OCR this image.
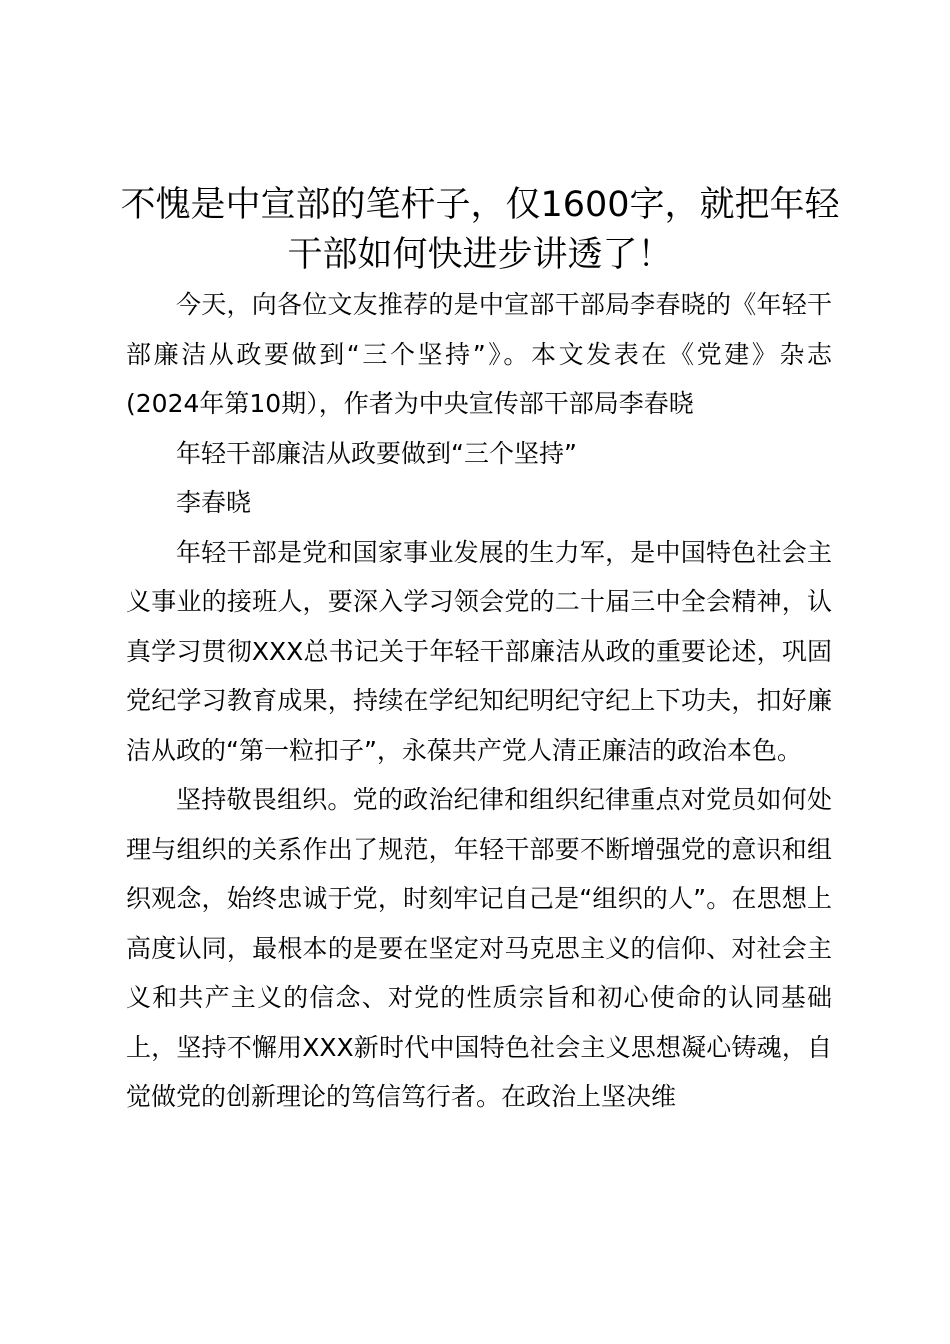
不愧是中宣部的笔杆子，仅1600字，就把年轻干部如何快进步讲透了！

今天，向各位文友推荐的是中宣部干部局李春晓的《年轻干部廉洁从政要做到“三个坚持”》。本文发表在《党建》杂志(2024年第10期），作者为中央宣传部干部局李春晓

年轻干部廉洁从政要做到“三个坚持”

李春晓

年轻干部是党和国家事业发展的生力军，是中国特色社会主义事业的接班人，要深入学习领会党的二十届三中全会精神，认真学习贯彻XXX总书记关于年轻干部廉洁从政的重要论述，巩固党纪学习教育成果，持续在学纪知纪明纪守纪上下功夫，扣好廉洁从政的“第一粒扣子”，永葆共产党人清正廉洁的政治本色。

坚持敬畏组织。党的政治纪律和组织纪律重点对党员如何处理与组织的关系作出了规范，年轻干部要不断增强党的意识和组织观念，始终忠诚于党，时刻牢记自己是“组织的人”。在思想上高度认同，最根本的是要在坚定对马克思主义的信仰、对社会主义和共产主义的信念、对党的性质宗旨和初心使命的认同基础上，坚持不懈用XXX新时代中国特色社会主义思想凝心铸魂，自觉做党的创新理论的笃信笃行者。在政治上坚决维
